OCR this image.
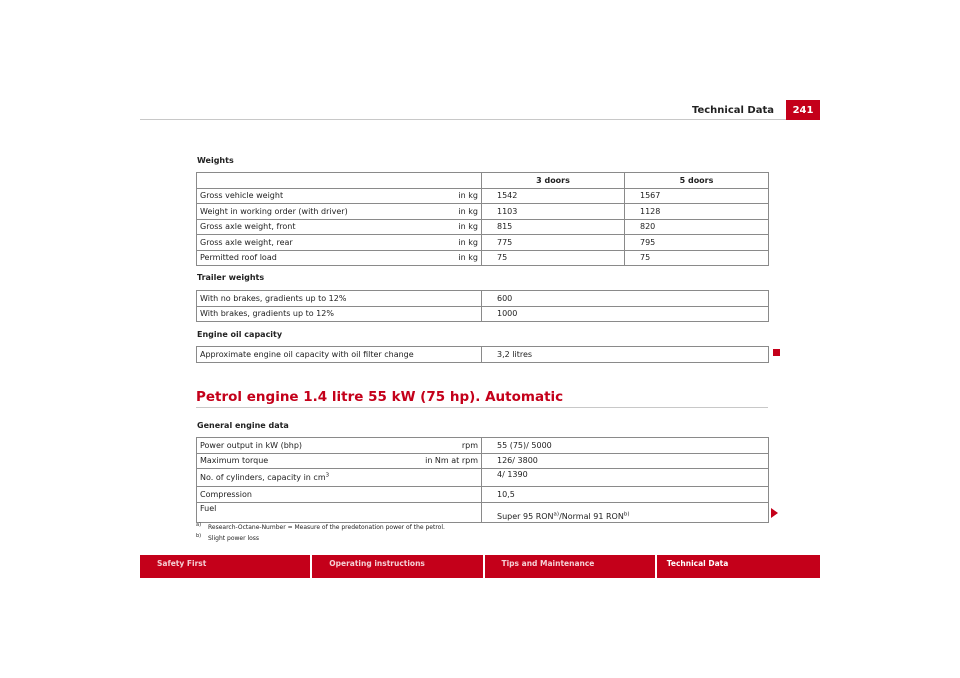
Technical Data	241
Weights
		3 doors	5 doors
Gross vehicle weight	in kg	1542	1567
Weight in working order (with driver)	in kg	1103	1128
Gross axle weight, front	in kg	815	820
Gross axle weight, rear	in kg	775	795
Permitted roof load	in kg	75	75
Trailer weights
With no brakes, gradients up to 12%	600
With brakes, gradients up to 12%	1000
Engine oil capacity
Approximate engine oil capacity with oil filter change	3,2 litres
Petrol engine 1.4 litre 55 kW (75 hp). Automatic
General engine data
Power output in kW (bhp)	rpm	55 (75)/ 5000
Maximum torque	in Nm at rpm	126/ 3800
No. of cylinders, capacity in $cm^3$		4/ 1390
Compression		10,5
Fuel		Super 95 RON$^{a)}$/Normal 91 RON$^{b)}$
a) Research-Octane-Number = Measure of the predetonation power of the petrol.
b) Slight power loss
Safety First	Operating instructions	Tips and Maintenance	Technical Data
